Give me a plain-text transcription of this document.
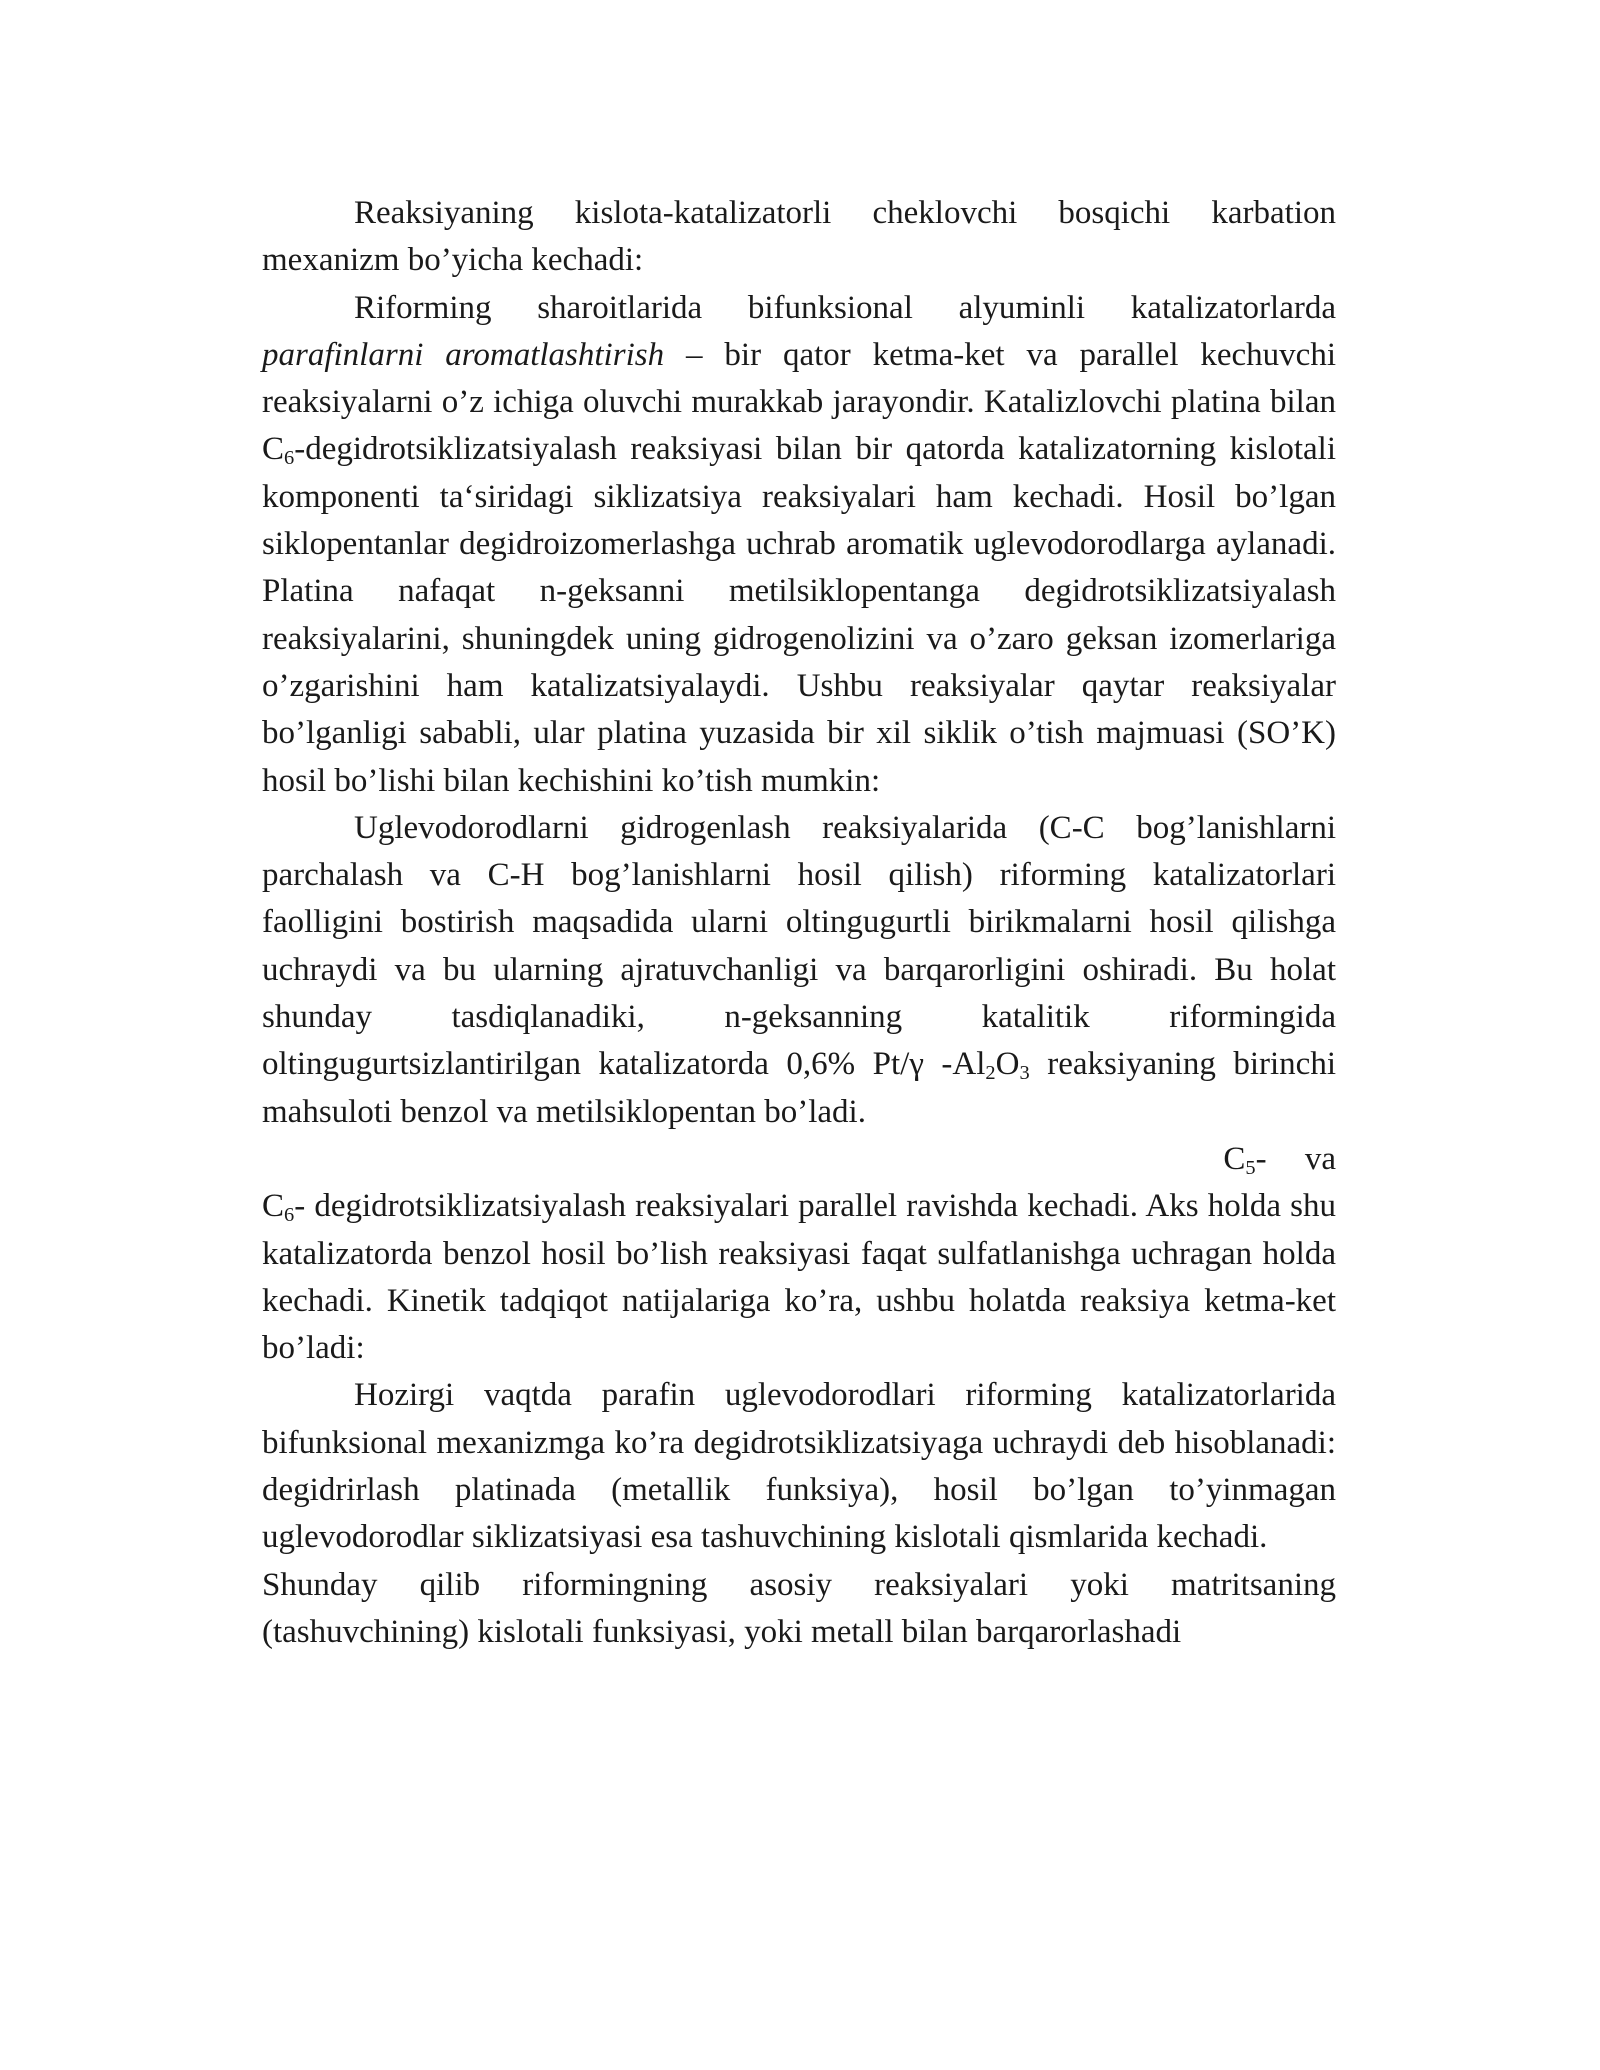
Reaksiyaning kislota-katalizatorli cheklovchi bosqichi karbation mexanizm bo’yicha kechadi:

Riforming sharoitlarida bifunksional alyuminli katalizatorlarda parafinlarni aromatlashtirish – bir qator ketma-ket va parallel kechuvchi reaksiyalarni o’z ichiga oluvchi murakkab jarayondir. Katalizlovchi platina bilan $C_6$-degidrotsiklizatsiyalash reaksiyasi bilan bir qatorda katalizatorning kislotali komponenti ta‘siridagi siklizatsiya reaksiyalari ham kechadi. Hosil bo’lgan siklopentanlar degidroizomerlashga uchrab aromatik uglevodorodlarga aylanadi. Platina nafaqat n-geksanni metilsiklopentanga degidrotsiklizatsiyalash reaksiyalarini, shuningdek uning gidrogenolizini va o’zaro geksan izomerlariga o’zgarishini ham katalizatsiyalaydi. Ushbu reaksiyalar qaytar reaksiyalar bo’lganligi sababli, ular platina yuzasida bir xil siklik o’tish majmuasi (SO’K) hosil bo’lishi bilan kechishini ko’tish mumkin:

Uglevodorodlarni gidrogenlash reaksiyalarida (C-C bog’lanishlarni parchalash va C-H bog’lanishlarni hosil qilish) riforming katalizatorlari faolligini bostirish maqsadida ularni oltingugurtli birikmalarni hosil qilishga uchraydi va bu ularning ajratuvchanligi va barqarorligini oshiradi. Bu holat shunday tasdiqlanadiki, n-geksanning katalitik riformingida oltingugurtsizlantirilgan katalizatorda 0,6% Pt/γ $-Al_2O_3$ reaksiyaning birinchi mahsuloti benzol va metilsiklopentan bo’ladi.
$C_5-$ va
$C_6-$ degidrotsiklizatsiyalash reaksiyalari parallel ravishda kechadi. Aks holda shu katalizatorda benzol hosil bo’lish reaksiyasi faqat sulfatlanishga uchragan holda kechadi. Kinetik tadqiqot natijalariga ko’ra, ushbu holatda reaksiya ketma-ket bo’ladi:

Hozirgi vaqtda parafin uglevodorodlari riforming katalizatorlarida bifunksional mexanizmga ko’ra degidrotsiklizatsiyaga uchraydi deb hisoblanadi: degidrirlash platinada (metallik funksiya), hosil bo’lgan to’yinmagan uglevodorodlar siklizatsiyasi esa tashuvchining kislotali qismlarida kechadi.

Shunday qilib riformingning asosiy reaksiyalari yoki matritsaning (tashuvchining) kislotali funksiyasi, yoki metall bilan barqarorlashadi
